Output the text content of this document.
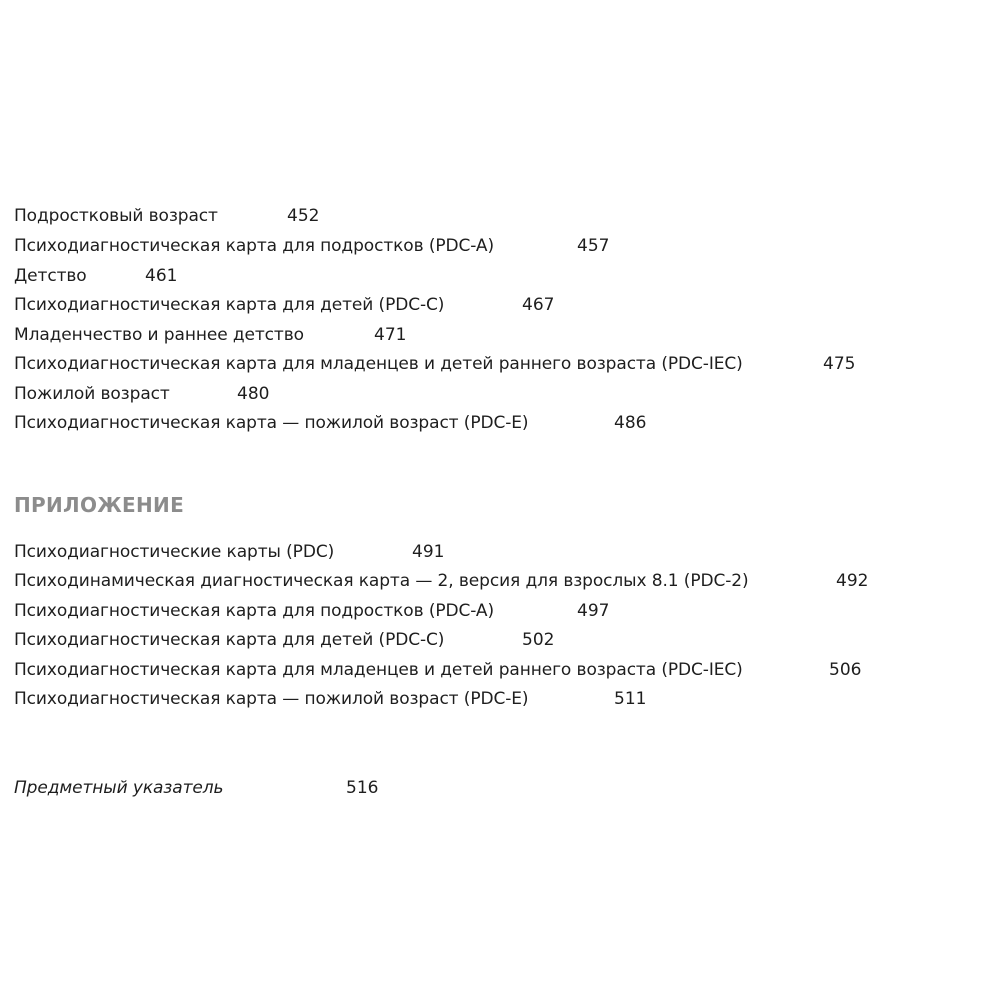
Подростковый возраст	452
Психодиагностическая карта для подростков (PDC-A)	457
Детство	461
Психодиагностическая карта для детей (PDC-C)	467
Младенчество и раннее детство	471
Психодиагностическая карта для младенцев и детей раннего возраста (PDC-IEC)	475
Пожилой возраст	480
Психодиагностическая карта — пожилой возраст (PDC-E)	486
ПРИЛОЖЕНИЕ
Психодиагностические карты (PDC)	491
Психодинамическая диагностическая карта — 2, версия для взрослых 8.1 (PDC-2)	492
Психодиагностическая карта для подростков (PDC-A)	497
Психодиагностическая карта для детей (PDC-C)	502
Психодиагностическая карта для младенцев и детей раннего возраста (PDC-IEC)	506
Психодиагностическая карта — пожилой возраст (PDC-E)	511
Предметный указатель	516
